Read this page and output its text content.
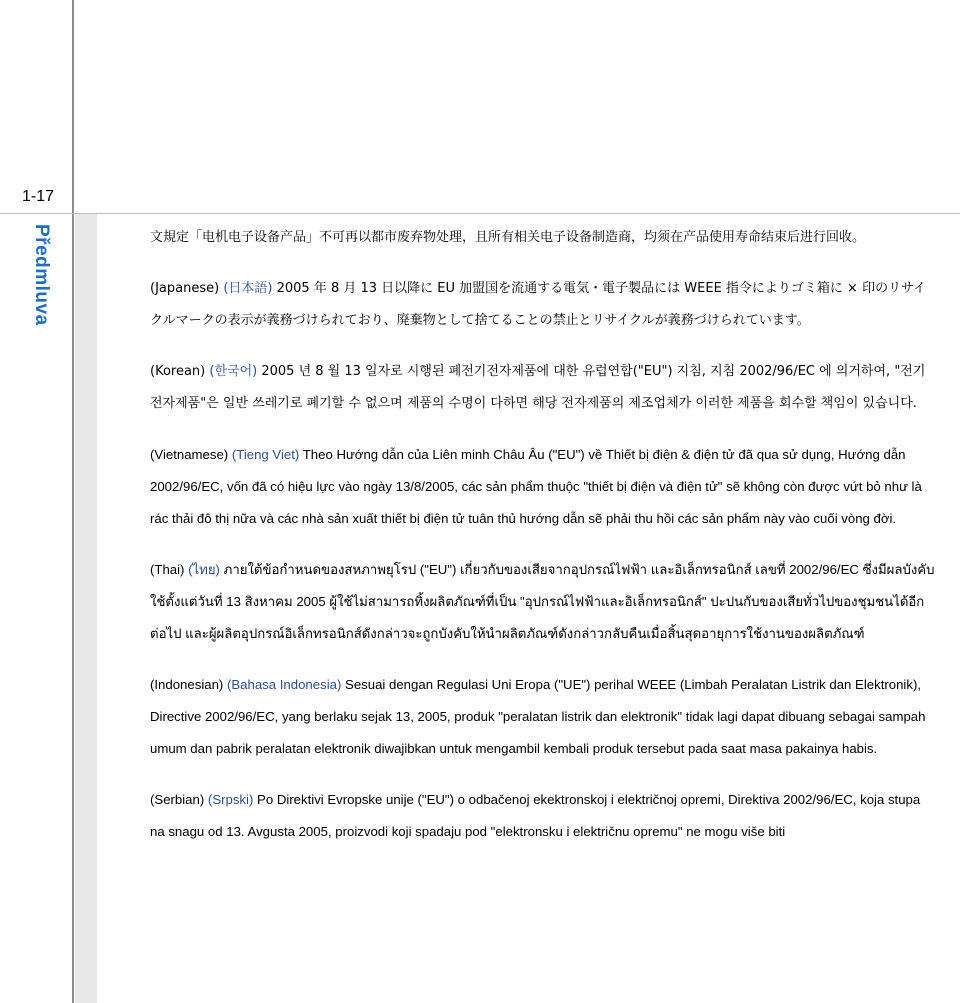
1-17
Předmluva	文規定「电机电子设备产品」不可再以都市废弃物处理，且所有相关电子设备制造商，均须在产品使用寿命结束后进行回收。

(Japanese) (日本語) 2005 年 8 月 13 日以降に EU 加盟国を流通する電気・電子製品には WEEE 指令によりゴミ箱に × 印のリサイクルマークの表示が義務づけられており、廃棄物として捨てることの禁止とリサイクルが義務づけられています。

(Korean) (한국어) 2005 년 8 월 13 일자로 시행된 폐전기전자제품에 대한 유럽연합("EU") 지침, 지침 2002/96/EC 에 의거하여, "전기전자제품"은 일반 쓰레기로 폐기할 수 없으며 제품의 수명이 다하면 해당 전자제품의 제조업체가 이러한 제품을 회수할 책임이 있습니다.

(Vietnamese) (Tieng Viet) Theo Hướng dẫn của Liên minh Châu Âu ("EU") về Thiết bị điện & điện tử đã qua sử dụng, Hướng dẫn 2002/96/EC, vốn đã có hiệu lực vào ngày 13/8/2005, các sản phẩm thuộc "thiết bị điện và điện tử" sẽ không còn được vứt bỏ như là rác thải đô thị nữa và các nhà sản xuất thiết bị điện tử tuân thủ hướng dẫn sẽ phải thu hồi các sản phẩm này vào cuối vòng đời.

(Thai) (ไทย) ภายใต้ข้อกำหนดของสหภาพยุโรป ("EU") เกี่ยวกับของเสียจากอุปกรณ์ไฟฟ้า และอิเล็กทรอนิกส์ เลขที่ 2002/96/EC ซึ่งมีผลบังคับใช้ตั้งแต่วันที่ 13 สิงหาคม 2005 ผู้ใช้ไม่สามารถทิ้งผลิตภัณฑ์ที่เป็น "อุปกรณ์ไฟฟ้าและอิเล็กทรอนิกส์" ปะปนกับของเสียทั่วไปของชุมชนได้อีกต่อไป และผู้ผลิตอุปกรณ์อิเล็กทรอนิกส์ดังกล่าวจะถูกบังคับให้นำผลิตภัณฑ์ดังกล่าวกลับคืนเมื่อสิ้นสุดอายุการใช้งานของผลิตภัณฑ์

(Indonesian) (Bahasa Indonesia) Sesuai dengan Regulasi Uni Eropa ("UE") perihal WEEE (Limbah Peralatan Listrik dan Elektronik), Directive 2002/96/EC, yang berlaku sejak 13, 2005, produk "peralatan listrik dan elektronik" tidak lagi dapat dibuang sebagai sampah umum dan pabrik peralatan elektronik diwajibkan untuk mengambil kembali produk tersebut pada saat masa pakainya habis.

(Serbian) (Srpski) Po Direktivi Evropske unije ("EU") o odbačenoj ekektronskoj i električnoj opremi, Direktiva 2002/96/EC, koja stupa na snagu od 13. Avgusta 2005, proizvodi koji spadaju pod "elektronsku i električnu opremu" ne mogu više biti
